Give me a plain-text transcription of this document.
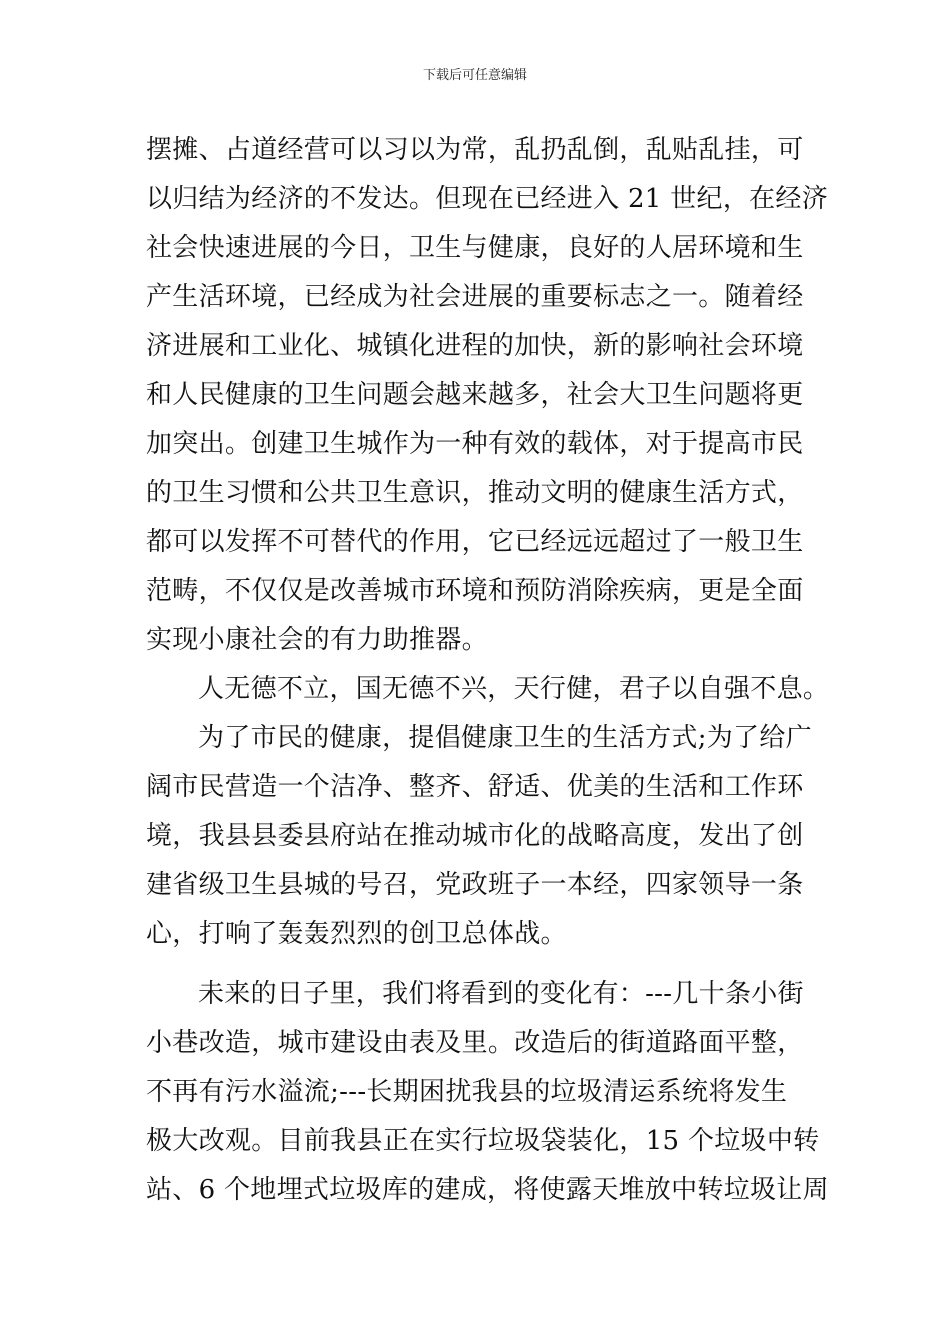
下载后可任意编辑
摆摊、占道经营可以习以为常，乱扔乱倒，乱贴乱挂，可
以归结为经济的不发达。但现在已经进入 21 世纪，在经济
社会快速进展的今日，卫生与健康，良好的人居环境和生
产生活环境，已经成为社会进展的重要标志之一。随着经
济进展和工业化、城镇化进程的加快，新的影响社会环境
和人民健康的卫生问题会越来越多，社会大卫生问题将更
加突出。创建卫生城作为一种有效的载体，对于提高市民
的卫生习惯和公共卫生意识，推动文明的健康生活方式，
都可以发挥不可替代的作用，它已经远远超过了一般卫生
范畴，不仅仅是改善城市环境和预防消除疾病，更是全面
实现小康社会的有力助推器。
人无德不立，国无德不兴，天行健，君子以自强不息。
为了市民的健康，提倡健康卫生的生活方式;为了给广
阔市民营造一个洁净、整齐、舒适、优美的生活和工作环
境，我县县委县府站在推动城市化的战略高度，发出了创
建省级卫生县城的号召，党政班子一本经，四家领导一条
心，打响了轰轰烈烈的创卫总体战。
未来的日子里，我们将看到的变化有：---几十条小街
小巷改造，城市建设由表及里。改造后的街道路面平整，
不再有污水溢流;---长期困扰我县的垃圾清运系统将发生
极大改观。目前我县正在实行垃圾袋装化，15 个垃圾中转
站、6 个地埋式垃圾库的建成，将使露天堆放中转垃圾让周
